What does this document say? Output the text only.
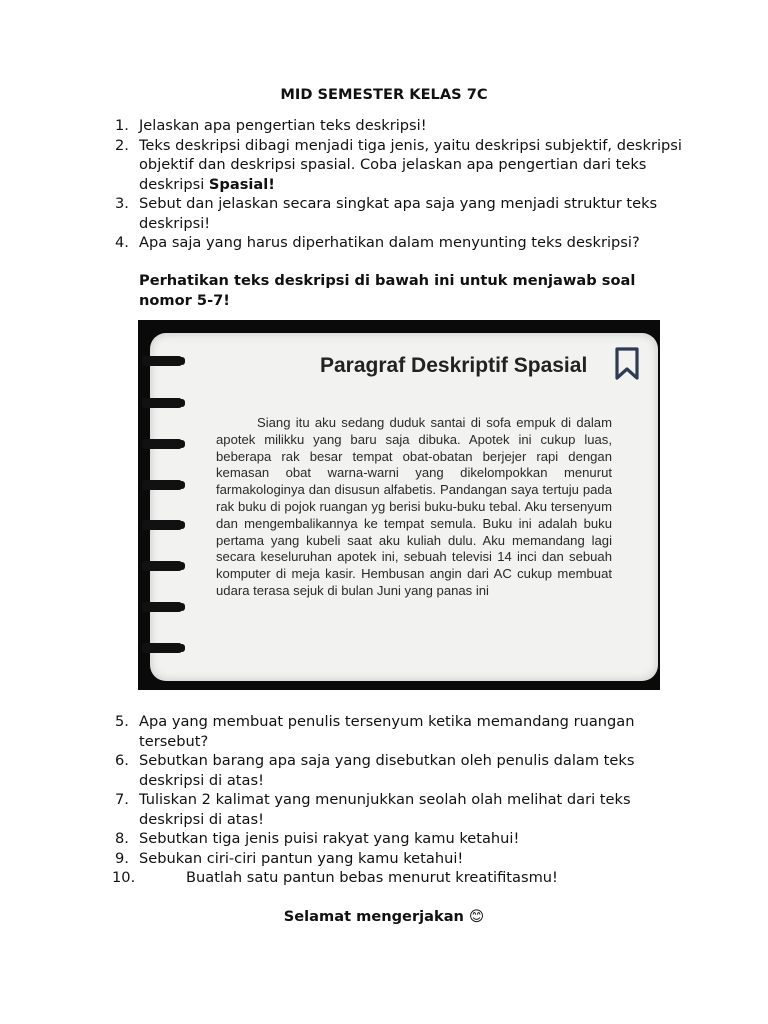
MID SEMESTER KELAS 7C
1. Jelaskan apa pengertian teks deskripsi!
2. Teks deskripsi dibagi menjadi tiga jenis, yaitu deskripsi subjektif, deskripsi objektif dan deskripsi spasial. Coba jelaskan apa pengertian dari teks deskripsi Spasial!
3. Sebut dan jelaskan secara singkat apa saja yang menjadi struktur teks deskripsi!
4. Apa saja yang harus diperhatikan dalam menyunting teks deskripsi?
Perhatikan teks deskripsi di bawah ini untuk menjawab soal nomor 5-7!
Paragraf Deskriptif Spasial

Siang itu aku sedang duduk santai di sofa empuk di dalam apotek milikku yang baru saja dibuka. Apotek ini cukup luas, beberapa rak besar tempat obat-obatan berjejer rapi dengan kemasan obat warna-warni yang dikelompokkan menurut farmakologinya dan disusun alfabetis. Pandangan saya tertuju pada rak buku di pojok ruangan yg berisi buku-buku tebal. Aku tersenyum dan mengembalikannya ke tempat semula. Buku ini adalah buku pertama yang kubeli saat aku kuliah dulu. Aku memandang lagi secara keseluruhan apotek ini, sebuah televisi 14 inci dan sebuah komputer di meja kasir. Hembusan angin dari AC cukup membuat udara terasa sejuk di bulan Juni yang panas ini

5. Apa yang membuat penulis tersenyum ketika memandang ruangan tersebut?
6. Sebutkan barang apa saja yang disebutkan oleh penulis dalam teks deskripsi di atas!
7. Tuliskan 2 kalimat yang menunjukkan seolah olah melihat dari teks deskripsi di atas!
8. Sebutkan tiga jenis puisi rakyat yang kamu ketahui!
9. Sebukan ciri-ciri pantun yang kamu ketahui!
10.	Buatlah satu pantun bebas menurut kreatifitasmu!
Selamat mengerjakan 😊
